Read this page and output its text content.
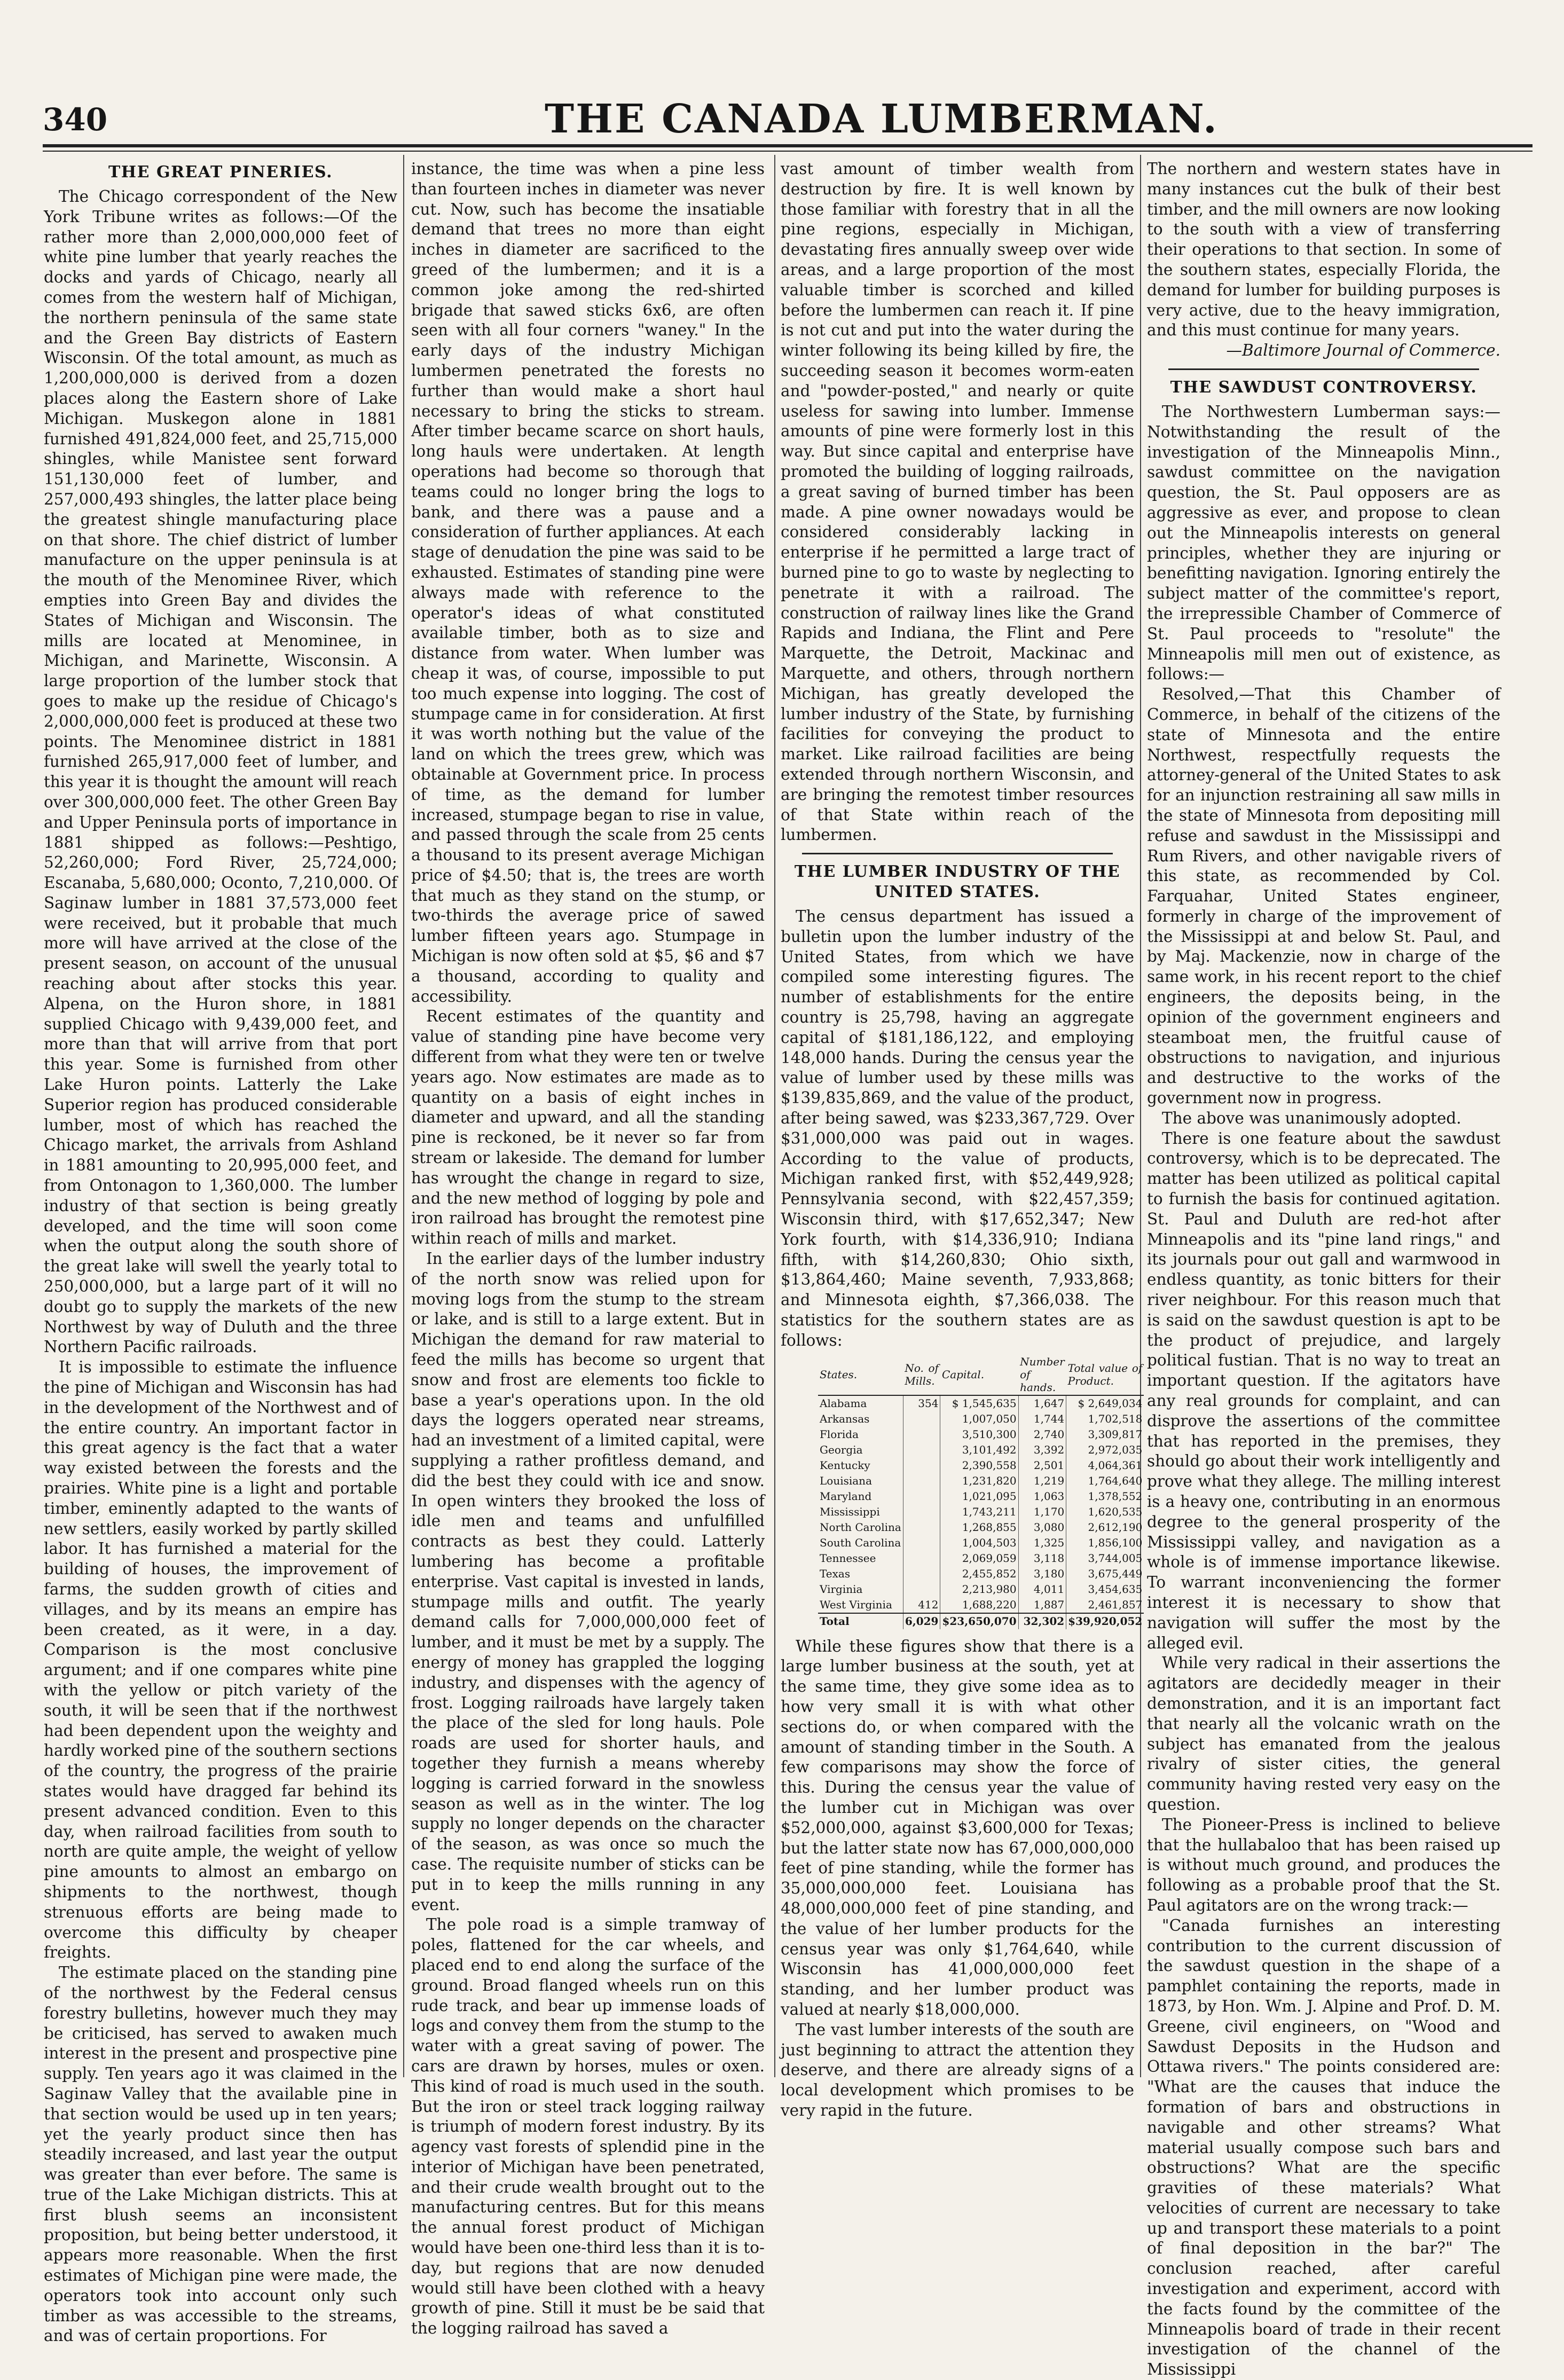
340	THE CANADA LUMBERMAN.
THE GREAT PINERIES.

The Chicago correspondent of the New York Tribune writes as follows:—Of the rather more than 2,000,000,000 feet of white pine lumber that yearly reaches the docks and yards of Chicago, nearly all comes from the western half of Michigan, the northern peninsula of the same state and the Green Bay districts of Eastern Wisconsin. Of the total amount, as much as 1,200,000,000 is derived from a dozen places along the Eastern shore of Lake Michigan. Muskegon alone in 1881 furnished 491,824,000 feet, and 25,715,000 shingles, while Manistee sent forward 151,130,000 feet of lumber, and 257,000,493 shingles, the latter place being the greatest shingle manufacturing place on that shore. The chief district of lumber manufacture on the upper peninsula is at the mouth of the Menominee River, which empties into Green Bay and divides the States of Michigan and Wisconsin. The mills are located at Menominee, in Michigan, and Marinette, Wisconsin. A large proportion of the lumber stock that goes to make up the residue of Chicago's 2,000,000,000 feet is produced at these two points. The Menominee district in 1881 furnished 265,917,000 feet of lumber, and this year it is thought the amount will reach over 300,000,000 feet. The other Green Bay and Upper Peninsula ports of importance in 1881 shipped as follows:—Peshtigo, 52,260,000; Ford River, 25,724,000; Escanaba, 5,680,000; Oconto, 7,210,000. Of Saginaw lumber in 1881 37,573,000 feet were received, but it probable that much more will have arrived at the close of the present season, on account of the unusual reaching about after stocks this year. Alpena, on the Huron shore, in 1881 supplied Chicago with 9,439,000 feet, and more than that will arrive from that port this year. Some is furnished from other Lake Huron points. Latterly the Lake Superior region has produced considerable lumber, most of which has reached the Chicago market, the arrivals from Ashland in 1881 amounting to 20,995,000 feet, and from Ontonagon to 1,360,000. The lumber industry of that section is being greatly developed, and the time will soon come when the output along the south shore of the great lake will swell the yearly total to 250,000,000, but a large part of it will no doubt go to supply the markets of the new Northwest by way of Duluth and the three Northern Pacific railroads.

It is impossible to estimate the influence the pine of Michigan and Wisconsin has had in the development of the Northwest and of the entire country. An important factor in this great agency is the fact that a water way existed between the forests and the prairies. White pine is a light and portable timber, eminently adapted to the wants of new settlers, easily worked by partly skilled labor. It has furnished a material for the building of houses, the improvement of farms, the sudden growth of cities and villages, and by its means an empire has been created, as it were, in a day. Comparison is the most conclusive argument; and if one compares white pine with the yellow or pitch variety of the south, it will be seen that if the northwest had been dependent upon the weighty and hardly worked pine of the southern sections of the country, the progress of the prairie states would have dragged far behind its present advanced condition. Even to this day, when railroad facilities from south to north are quite ample, the weight of yellow pine amounts to almost an embargo on shipments to the northwest, though strenuous efforts are being made to overcome this difficulty by cheaper freights.

The estimate placed on the standing pine of the northwest by the Federal census forestry bulletins, however much they may be criticised, has served to awaken much interest in the present and prospective pine supply. Ten years ago it was claimed in the Saginaw Valley that the available pine in that section would be used up in ten years; yet the yearly product since then has steadily increased, and last year the output was greater than ever before. The same is true of the Lake Michigan districts. This at first blush seems an inconsistent proposition, but being better understood, it appears more reasonable. When the first estimates of Michigan pine were made, the operators took into account only such timber as was accessible to the streams, and was of certain proportions. For

instance, the time was when a pine less than fourteen inches in diameter was never cut. Now, such has become the insatiable demand that trees no more than eight inches in diameter are sacrificed to the greed of the lumbermen; and it is a common joke among the red-shirted brigade that sawed sticks 6x6, are often seen with all four corners "waney." In the early days of the industry Michigan lumbermen penetrated the forests no further than would make a short haul necessary to bring the sticks to stream. After timber became scarce on short hauls, long hauls were undertaken. At length operations had become so thorough that teams could no longer bring the logs to bank, and there was a pause and a consideration of further appliances. At each stage of denudation the pine was said to be exhausted. Estimates of standing pine were always made with reference to the operator's ideas of what constituted available timber, both as to size and distance from water. When lumber was cheap it was, of course, impossible to put too much expense into logging. The cost of stumpage came in for consideration. At first it was worth nothing but the value of the land on which the trees grew, which was obtainable at Government price. In process of time, as the demand for lumber increased, stumpage began to rise in value, and passed through the scale from 25 cents a thousand to its present average Michigan price of $4.50; that is, the trees are worth that much as they stand on the stump, or two-thirds the average price of sawed lumber fifteen years ago. Stumpage in Michigan is now often sold at $5, $6 and $7 a thousand, according to quality and accessibility.

Recent estimates of the quantity and value of standing pine have become very different from what they were ten or twelve years ago. Now estimates are made as to quantity on a basis of eight inches in diameter and upward, and all the standing pine is reckoned, be it never so far from stream or lakeside. The demand for lumber has wrought the change in regard to size, and the new method of logging by pole and iron railroad has brought the remotest pine within reach of mills and market.

In the earlier days of the lumber industry of the north snow was relied upon for moving logs from the stump to the stream or lake, and is still to a large extent. But in Michigan the demand for raw material to feed the mills has become so urgent that snow and frost are elements too fickle to base a year's operations upon. In the old days the loggers operated near streams, had an investment of a limited capital, were supplying a rather profitless demand, and did the best they could with ice and snow. In open winters they brooked the loss of idle men and teams and unfulfilled contracts as best they could. Latterly lumbering has become a profitable enterprise. Vast capital is invested in lands, stumpage mills and outfit. The yearly demand calls for 7,000,000,000 feet of lumber, and it must be met by a supply. The energy of money has grappled the logging industry, and dispenses with the agency of frost. Logging railroads have largely taken the place of the sled for long hauls. Pole roads are used for shorter hauls, and together they furnish a means whereby logging is carried forward in the snowless season as well as in the winter. The log supply no longer depends on the character of the season, as was once so much the case. The requisite number of sticks can be put in to keep the mills running in any event.

The pole road is a simple tramway of poles, flattened for the car wheels, and placed end to end along the surface of the ground. Broad flanged wheels run on this rude track, and bear up immense loads of logs and convey them from the stump to the water with a great saving of power. The cars are drawn by horses, mules or oxen. This kind of road is much used in the south. But the iron or steel track logging railway is triumph of modern forest industry. By its agency vast forests of splendid pine in the interior of Michigan have been penetrated, and their crude wealth brought out to the manufacturing centres. But for this means the annual forest product of Michigan would have been one-third less than it is to-day, but regions that are now denuded would still have been clothed with a heavy growth of pine. Still it must be be said that the logging railroad has saved a

vast amount of timber wealth from destruction by fire. It is well known by those familiar with forestry that in all the pine regions, especially in Michigan, devastating fires annually sweep over wide areas, and a large proportion of the most valuable timber is scorched and killed before the lumbermen can reach it. If pine is not cut and put into the water during the winter following its being killed by fire, the succeeding season it becomes worm-eaten and "powder-posted," and nearly or quite useless for sawing into lumber. Immense amounts of pine were formerly lost in this way. But since capital and enterprise have promoted the building of logging railroads, a great saving of burned timber has been made. A pine owner nowadays would be considered considerably lacking in enterprise if he permitted a large tract of burned pine to go to waste by neglecting to penetrate it with a railroad. The construction of railway lines like the Grand Rapids and Indiana, the Flint and Pere Marquette, the Detroit, Mackinac and Marquette, and others, through northern Michigan, has greatly developed the lumber industry of the State, by furnishing facilities for conveying the product to market. Like railroad facilities are being extended through northern Wisconsin, and are bringing the remotest timber resources of that State within reach of the lumbermen.

THE LUMBER INDUSTRY OF THE UNITED STATES.

The census department has issued a bulletin upon the lumber industry of the United States, from which we have compiled some interesting figures. The number of establishments for the entire country is 25,798, having an aggregate capital of $181,186,122, and employing 148,000 hands. During the census year the value of lumber used by these mills was $139,835,869, and the value of the product, after being sawed, was $233,367,729. Over $31,000,000 was paid out in wages. According to the value of products, Michigan ranked first, with $52,449,928; Pennsylvania second, with $22,457,359; Wisconsin third, with $17,652,347; New York fourth, with $14,336,910; Indiana fifth, with $14,260,830; Ohio sixth, $13,864,460; Maine seventh, 7,933,868; and Minnesota eighth, $7,366,038. The statistics for the southern states are as follows:

States.	No. of Mills.	Capital.	Number of hands.	Total value of Product.
Alabama	354	$ 1,545,635	1,647	$ 2,649,034
Arkansas		1,007,050	1,744	1,702,518
Florida		3,510,300	2,740	3,309,817
Georgia		3,101,492	3,392	2,972,035
Kentucky		2,390,558	2,501	4,064,361
Louisiana		1,231,820	1,219	1,764,640
Maryland		1,021,095	1,063	1,378,552
Mississippi		1,743,211	1,170	1,620,535
North Carolina		1,268,855	3,080	2,612,190
South Carolina		1,004,503	1,325	1,856,100
Tennessee		2,069,059	3,118	3,744,005
Texas		2,455,852	3,180	3,675,449
Virginia		2,213,980	4,011	3,454,635
West Virginia	412	1,688,220	1,887	2,461,857
Total	6,029	$23,650,070	32,302	$39,920,052

While these figures show that there is a large lumber business at the south, yet at the same time, they give some idea as to how very small it is with what other sections do, or when compared with the amount of standing timber in the South. A few comparisons may show the force of this. During the census year the value of the lumber cut in Michigan was over $52,000,000, against $3,600,000 for Texas; but the latter state now has 67,000,000,000 feet of pine standing, while the former has 35,000,000,000 feet. Louisiana has 48,000,000,000 feet of pine standing, and the value of her lumber products for the census year was only $1,764,640, while Wisconsin has 41,000,000,000 feet standing, and her lumber product was valued at nearly $18,000,000.

The vast lumber interests of the south are just beginning to attract the attention they deserve, and there are already signs of a local development which promises to be very rapid in the future.

The northern and western states have in many instances cut the bulk of their best timber, and the mill owners are now looking to the south with a view of transferring their operations to that section. In some of the southern states, especially Florida, the demand for lumber for building purposes is very active, due to the heavy immigration, and this must continue for many years.

—Baltimore Journal of Commerce.
THE SAWDUST CONTROVERSY.

The Northwestern Lumberman says:—Notwithstanding the result of the investigation of the Minneapolis Minn., sawdust committee on the navigation question, the St. Paul opposers are as aggressive as ever, and propose to clean out the Minneapolis interests on general principles, whether they are injuring or benefitting navigation. Ignoring entirely the subject matter of the committee's report, the irrepressible Chamber of Commerce of St. Paul proceeds to "resolute" the Minneapolis mill men out of existence, as follows:—

Resolved,—That this Chamber of Commerce, in behalf of the citizens of the state of Minnesota and the entire Northwest, respectfully requests the attorney-general of the United States to ask for an injunction restraining all saw mills in the state of Minnesota from depositing mill refuse and sawdust in the Mississippi and Rum Rivers, and other navigable rivers of this state, as recommended by Col. Farquahar, United States engineer, formerly in charge of the improvement of the Mississippi at and below St. Paul, and by Maj. Mackenzie, now in charge of the same work, in his recent report to the chief engineers, the deposits being, in the opinion of the government engineers and steamboat men, the fruitful cause of obstructions to navigation, and injurious and destructive to the works of the government now in progress.

The above was unanimously adopted.

There is one feature about the sawdust controversy, which is to be deprecated. The matter has been utilized as political capital to furnish the basis for continued agitation. St. Paul and Duluth are red-hot after Minneapolis and its "pine land rings," and its journals pour out gall and warmwood in endless quantity, as tonic bitters for their river neighbour. For this reason much that is said on the sawdust question is apt to be the product of prejudice, and largely political fustian. That is no way to treat an important question. If the agitators have any real grounds for complaint, and can disprove the assertions of the committee that has reported in the premises, they should go about their work intelligently and prove what they allege. The milling interest is a heavy one, contributing in an enormous degree to the general prosperity of the Mississippi valley, and navigation as a whole is of immense importance likewise. To warrant inconveniencing the former interest it is necessary to show that navigation will suffer the most by the alleged evil.

While very radical in their assertions the agitators are decidedly meager in their demonstration, and it is an important fact that nearly all the volcanic wrath on the subject has emanated from the jealous rivalry of sister cities, the general community having rested very easy on the question.

The Pioneer-Press is inclined to believe that the hullabaloo that has been raised up is without much ground, and produces the following as a probable proof that the St. Paul agitators are on the wrong track:—

"Canada furnishes an interesting contribution to the current discussion of the sawdust question in the shape of a pamphlet containing the reports, made in 1873, by Hon. Wm. J. Alpine and Prof. D. M. Greene, civil engineers, on "Wood and Sawdust Deposits in the Hudson and Ottawa rivers." The points considered are: "What are the causes that induce the formation of bars and obstructions in navigable and other streams? What material usually compose such bars and obstructions? What are the specific gravities of these materials? What velocities of current are necessary to take up and transport these materials to a point of final deposition in the bar?" The conclusion reached, after careful investigation and experiment, accord with the facts found by the committee of the Minneapolis board of trade in their recent investigation of the channel of the Mississippi
